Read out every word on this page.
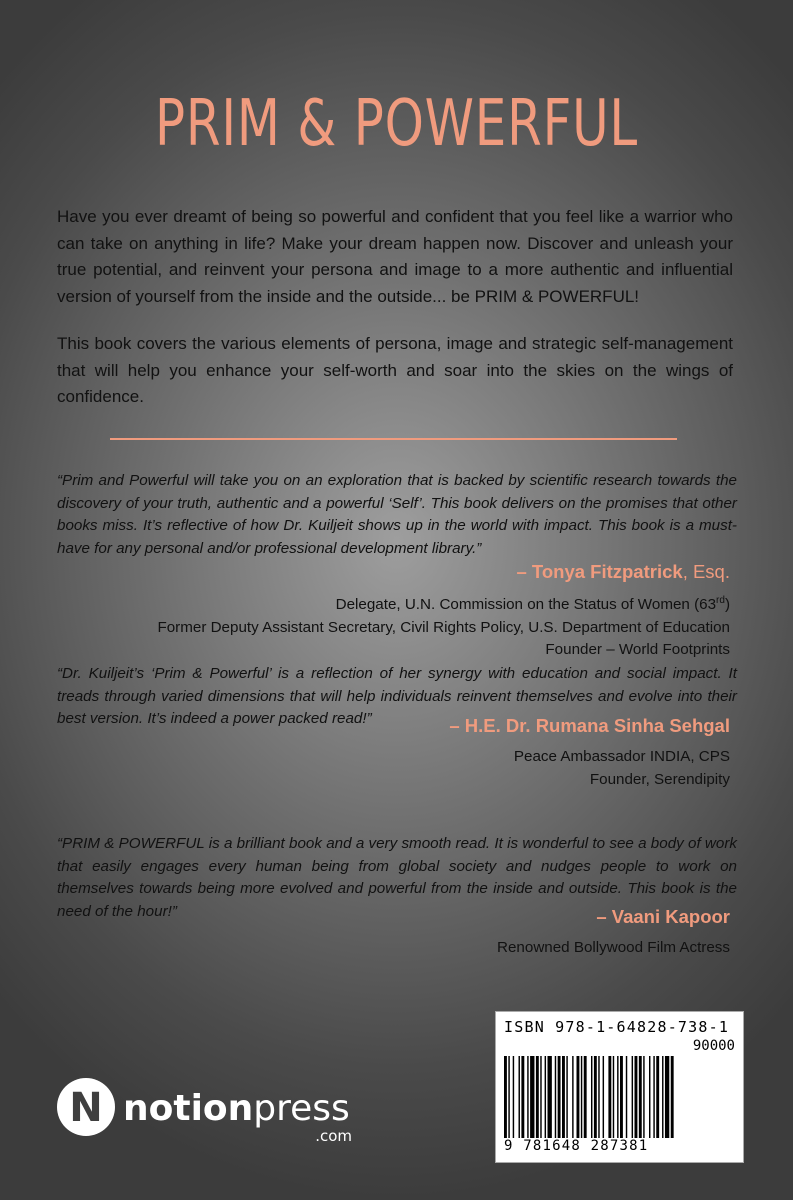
PRIM & POWERFUL

Have you ever dreamt of being so powerful and confident that you feel like a warrior who can take on anything in life? Make your dream happen now. Discover and unleash your true potential, and reinvent your persona and image to a more authentic and influential version of yourself from the inside and the outside... be PRIM & POWERFUL!

This book covers the various elements of persona, image and strategic self-management that will help you enhance your self-worth and soar into the skies on the wings of confidence.

“Prim and Powerful will take you on an exploration that is backed by scientific research towards the discovery of your truth, authentic and a powerful ‘Self’. This book delivers on the promises that other books miss. It’s reflective of how Dr. Kuiljeit shows up in the world with impact. This book is a must-have for any personal and/or professional development library.”

– Tonya Fitzpatrick, Esq.
Delegate, U.N. Commission on the Status of Women (63rd)
Former Deputy Assistant Secretary, Civil Rights Policy, U.S. Department of Education
Founder – World Footprints

“Dr. Kuiljeit’s ‘Prim & Powerful’ is a reflection of her synergy with education and social impact. It treads through varied dimensions that will help individuals reinvent themselves and evolve into their best version. It’s indeed a power packed read!”	– H.E. Dr. Rumana Sinha Sehgal
Peace Ambassador INDIA, CPS
Founder, Serendipity

“PRIM & POWERFUL is a brilliant book and a very smooth read. It is wonderful to see a body of work that easily engages every human being from global society and nudges people to work on themselves towards being more evolved and powerful from the inside and outside. This book is the need of the hour!”	– Vaani Kapoor
Renowned Bollywood Film Actress
N notionpress
.com

ISBN 978-1-64828-738-1

90000

9 781648 287381
